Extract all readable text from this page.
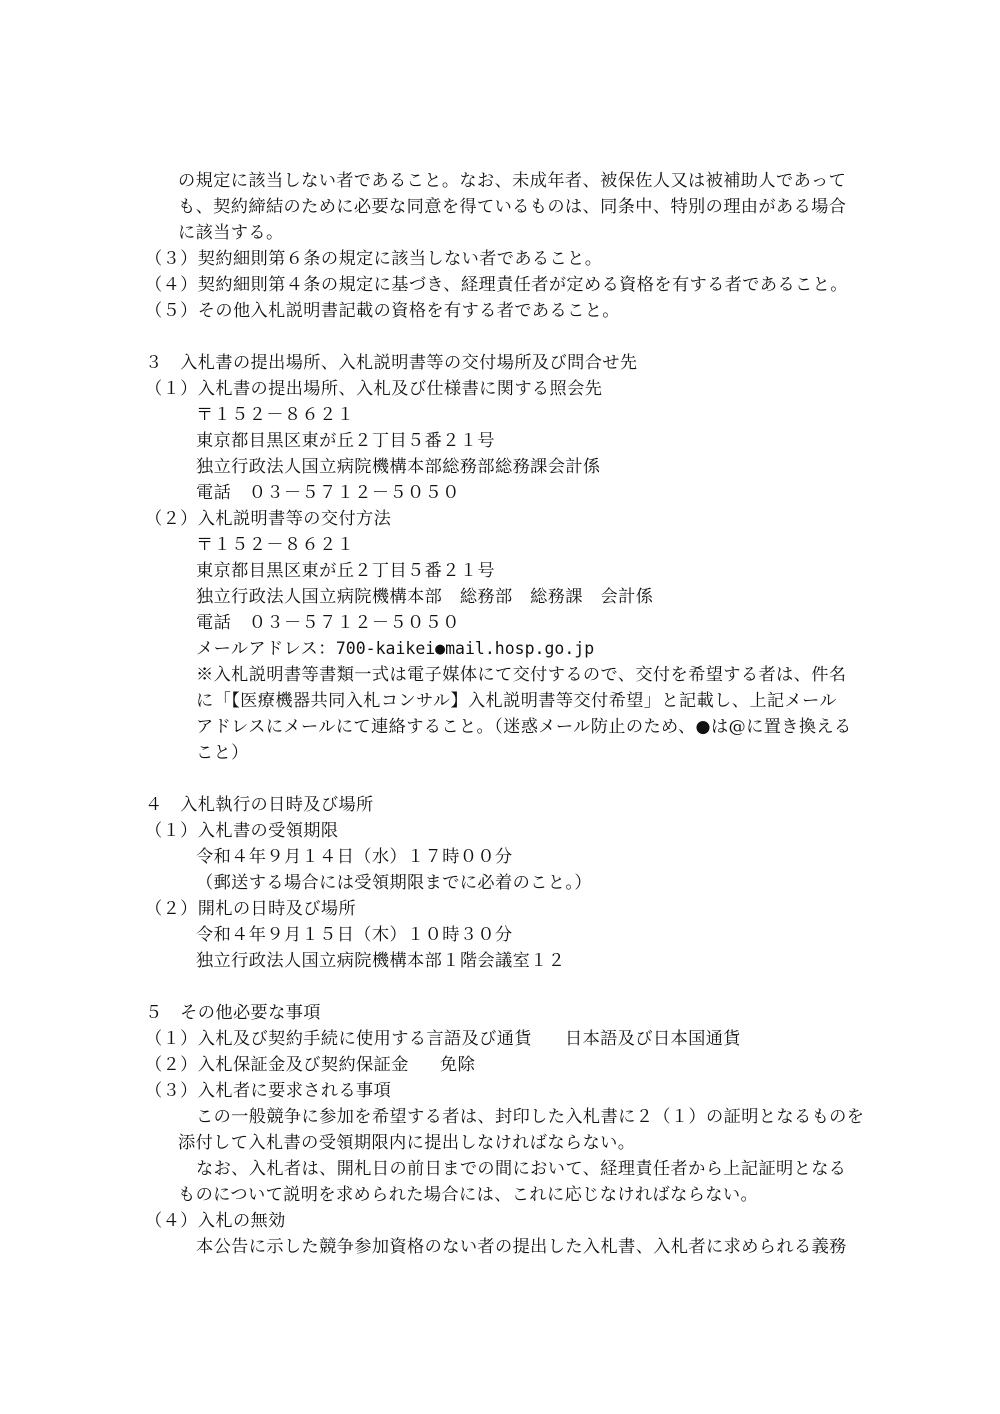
の規定に該当しない者であること。なお、未成年者、被保佐人又は被補助人であって
も、契約締結のために必要な同意を得ているものは、同条中、特別の理由がある場合
に該当する。
（３）契約細則第６条の規定に該当しない者であること。
（４）契約細則第４条の規定に基づき、経理責任者が定める資格を有する者であること。
（５）その他入札説明書記載の資格を有する者であること。
３　入札書の提出場所、入札説明書等の交付場所及び問合せ先
（１）入札書の提出場所、入札及び仕様書に関する照会先
〒１５２－８６２１
東京都目黒区東が丘２丁目５番２１号
独立行政法人国立病院機構本部総務部総務課会計係
電話　０３－５７１２－５０５０
（２）入札説明書等の交付方法
〒１５２－８６２１
東京都目黒区東が丘２丁目５番２１号
独立行政法人国立病院機構本部　総務部　総務課　会計係
電話　０３－５７１２－５０５０
メールアドレス：700-kaikei●mail.hosp.go.jp
※入札説明書等書類一式は電子媒体にて交付するので、交付を希望する者は、件名
に「【医療機器共同入札コンサル】入札説明書等交付希望」と記載し、上記メール
アドレスにメールにて連絡すること。（迷惑メール防止のため、●は@に置き換える
こと）
４　入札執行の日時及び場所
（１）入札書の受領期限
令和４年９月１４日（水）１７時００分
（郵送する場合には受領期限までに必着のこと。）
（２）開札の日時及び場所
令和４年９月１５日（木）１０時３０分
独立行政法人国立病院機構本部１階会議室１２
５　その他必要な事項
（１）入札及び契約手続に使用する言語及び通貨 日本語及び日本国通貨
（２）入札保証金及び契約保証金 免除
（３）入札者に要求される事項
この一般競争に参加を希望する者は、封印した入札書に２（１）の証明となるものを
添付して入札書の受領期限内に提出しなければならない。
なお、入札者は、開札日の前日までの間において、経理責任者から上記証明となる
ものについて説明を求められた場合には、これに応じなければならない。
（４）入札の無効
本公告に示した競争参加資格のない者の提出した入札書、入札者に求められる義務
